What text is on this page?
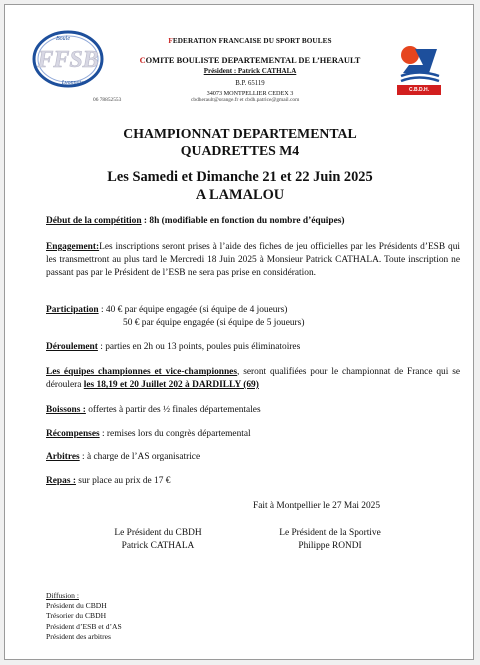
FFSB
Boule
Lyonnaise
FEDERATION FRANCAISE DU SPORT BOULES
COMITE BOULISTE DEPARTEMENTAL DE L’HERAULT
Président : Patrick CATHALA
B.P. 65119
34073 MONTPELLIER CEDEX 3
06 78852553	cbdherault@orange.fr et cbdh.patrice@gmail.com
C.B.D.H.
CHAMPIONNAT DEPARTEMENTAL
QUADRETTES M4
Les Samedi et Dimanche 21 et 22 Juin 2025
A LAMALOU
Début de la compétition : 8h (modifiable en fonction du nombre d’équipes)
Engagement:Les inscriptions seront prises à l’aide des fiches de jeu officielles par les Présidents d’ESB qui les transmettront au plus tard le Mercredi 18 Juin 2025 à Monsieur Patrick CATHALA. Toute inscription ne passant pas par le Président de l’ESB ne sera pas prise en considération.
Participation : 40 € par équipe engagée (si équipe de 4 joueurs)
50 € par équipe engagée (si équipe de 5 joueurs)
Déroulement : parties en 2h ou 13 points, poules puis éliminatoires
Les équipes championnes et vice-championnes, seront qualifiées pour le championnat de France qui se déroulera les 18,19 et 20 Juillet 202 à DARDILLY (69)
Boissons : offertes à partir des ½ finales départementales
Récompenses : remises lors du congrès départemental
Arbitres : à charge de l’AS organisatrice
Repas : sur place au prix de 17 €
Fait à Montpellier le 27 Mai 2025
Le Président du CBDH
Patrick CATHALA
Le Président de la Sportive
Philippe RONDI
Diffusion :
Président du CBDH
Trésorier du CBDH
Président d’ESB et d’AS
Président des arbitres
